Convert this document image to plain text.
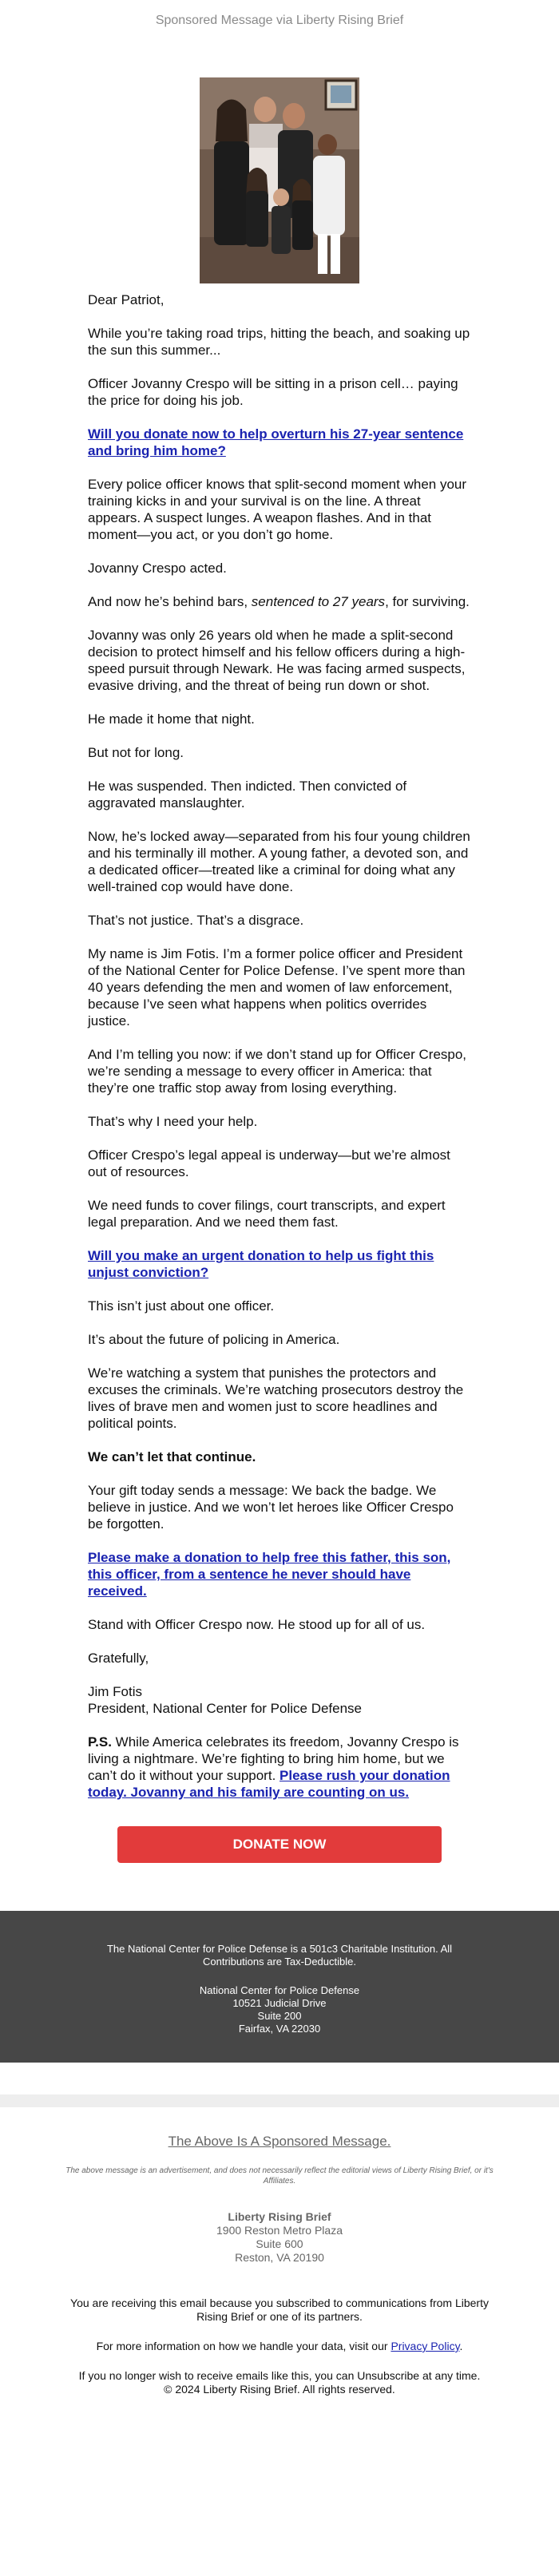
Sponsored Message via Liberty Rising Brief

Dear Patriot,

While you’re taking road trips, hitting the beach, and soaking up the sun this summer...

Officer Jovanny Crespo will be sitting in a prison cell… paying the price for doing his job.

Will you donate now to help overturn his 27-year sentence and bring him home?

Every police officer knows that split-second moment when your training kicks in and your survival is on the line. A threat appears. A suspect lunges. A weapon flashes. And in that moment—you act, or you don’t go home.

Jovanny Crespo acted.

And now he’s behind bars, sentenced to 27 years, for surviving.

Jovanny was only 26 years old when he made a split-second decision to protect himself and his fellow officers during a high-speed pursuit through Newark. He was facing armed suspects, evasive driving, and the threat of being run down or shot.

He made it home that night.

But not for long.

He was suspended. Then indicted. Then convicted of aggravated manslaughter.

Now, he’s locked away—separated from his four young children and his terminally ill mother. A young father, a devoted son, and a dedicated officer—treated like a criminal for doing what any well-trained cop would have done.

That’s not justice. That’s a disgrace.

My name is Jim Fotis. I’m a former police officer and President of the National Center for Police Defense. I’ve spent more than 40 years defending the men and women of law enforcement, because I’ve seen what happens when politics overrides justice.

And I’m telling you now: if we don’t stand up for Officer Crespo, we’re sending a message to every officer in America: that they’re one traffic stop away from losing everything.

That’s why I need your help.

Officer Crespo’s legal appeal is underway—but we’re almost out of resources.

We need funds to cover filings, court transcripts, and expert legal preparation. And we need them fast.

Will you make an urgent donation to help us fight this unjust conviction?

This isn’t just about one officer.

It’s about the future of policing in America.

We’re watching a system that punishes the protectors and excuses the criminals. We’re watching prosecutors destroy the lives of brave men and women just to score headlines and political points.

We can’t let that continue.

Your gift today sends a message: We back the badge. We believe in justice. And we won’t let heroes like Officer Crespo be forgotten.

Please make a donation to help free this father, this son, this officer, from a sentence he never should have received.

Stand with Officer Crespo now. He stood up for all of us.

Gratefully,

Jim Fotis
President, National Center for Police Defense

P.S. While America celebrates its freedom, Jovanny Crespo is living a nightmare. We’re fighting to bring him home, but we can’t do it without your support. Please rush your donation today. Jovanny and his family are counting on us.

DONATE NOW
The National Center for Police Defense is a 501c3 Charitable Institution. All Contributions are Tax-Deductible.
National Center for Police Defense
10521 Judicial Drive
Suite 200
Fairfax, VA 22030
The Above Is A Sponsored Message.
The above message is an advertisement, and does not necessarily reflect the editorial views of Liberty Rising Brief, or it's Affiliates.
Liberty Rising Brief
1900 Reston Metro Plaza
Suite 600
Reston, VA 20190

You are receiving this email because you subscribed to communications from Liberty Rising Brief or one of its partners.

For more information on how we handle your data, visit our Privacy Policy.

If you no longer wish to receive emails like this, you can Unsubscribe at any time.
© 2024 Liberty Rising Brief. All rights reserved.
